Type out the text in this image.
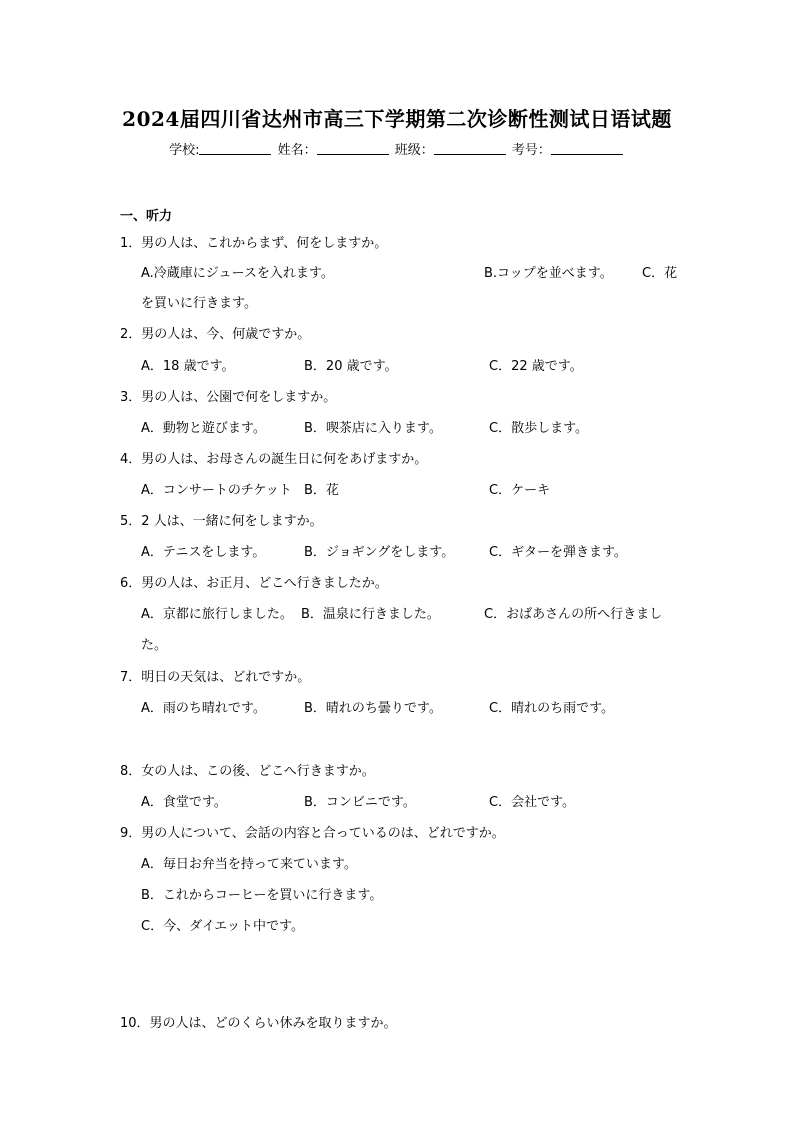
2024届四川省达州市高三下学期第二次诊断性测试日语试题
学校:	姓名：	班级：	考号：
一、听力
1．男の人は、これからまず、何をしますか。
A.冷蔵庫にジュースを入れます。	B.コップを並べます。 C．花
を買いに行きます。
2．男の人は、今、何歳ですか。
A．18 歳です。	B．20 歳です。	C．22 歳です。
3．男の人は、公園で何をしますか。
A．動物と遊びます。	B．喫茶店に入ります。	C．散歩します。
4．男の人は、お母さんの誕生日に何をあげますか。
A．コンサートのチケット B．花	C．ケーキ
5．2 人は、一緒に何をしますか。
A．テニスをします。	B．ジョギングをします。	C．ギターを弾きます。
6．男の人は、お正月、どこへ行きましたか。
A．京都に旅行しました。 B．温泉に行きました。	C．おばあさんの所へ行きまし
た。
7．明日の天気は、どれですか。
A．雨のち晴れです。	B．晴れのち曇りです。	C．晴れのち雨です。
8．女の人は、この後、どこへ行きますか。
A．食堂です。	B．コンビニです。	C．会社です。
9．男の人について、会話の内容と合っているのは、どれですか。
A．毎日お弁当を持って来ています。
B．これからコーヒーを買いに行きます。
C．今、ダイエット中です。
10．男の人は、どのくらい休みを取りますか。
